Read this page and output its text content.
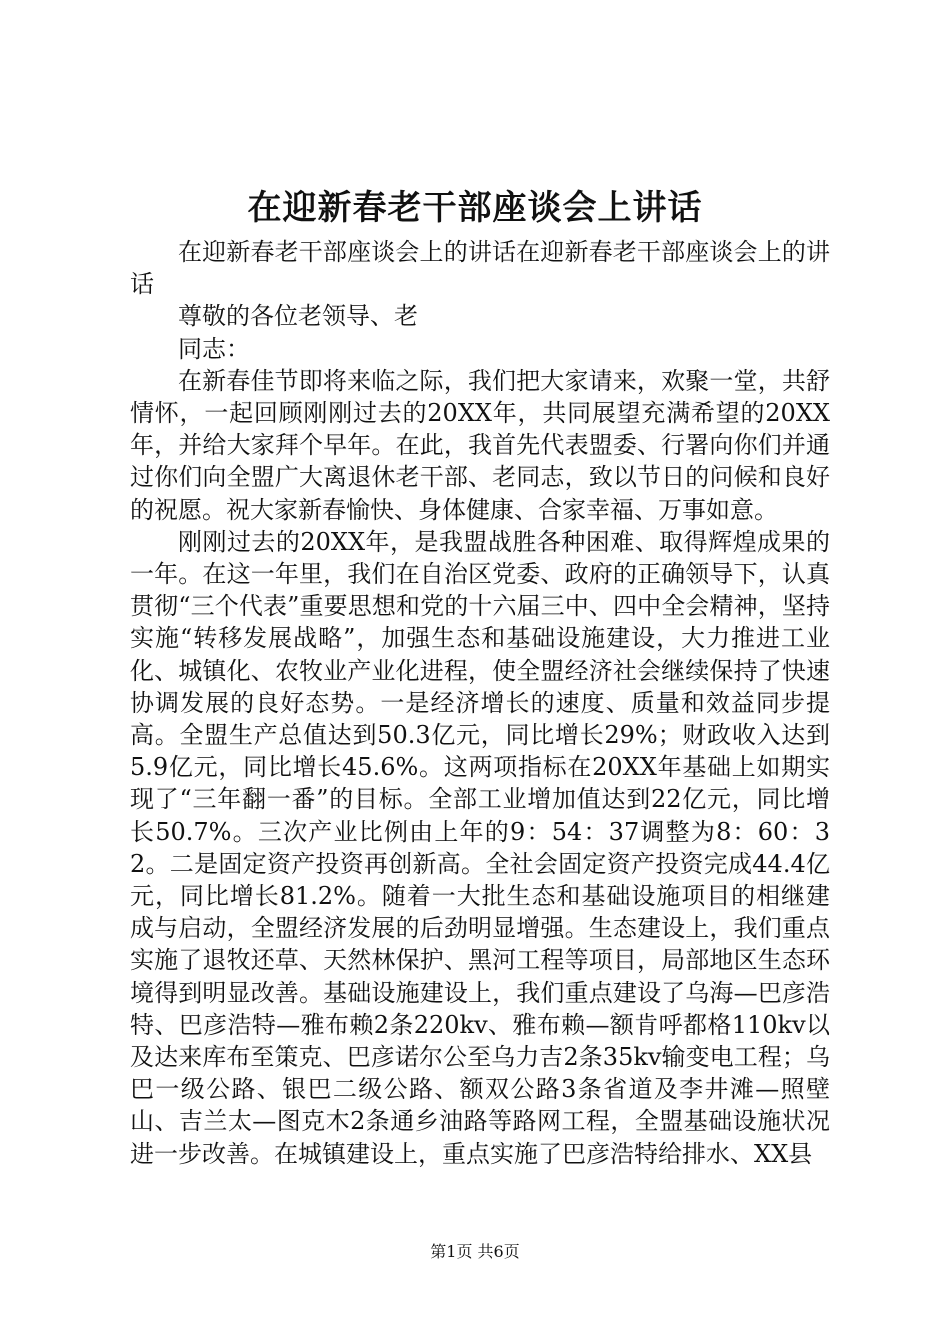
在迎新春老干部座谈会上讲话

在迎新春老干部座谈会上的讲话在迎新春老干部座谈会上的讲话

尊敬的各位老领导、老

同志：

在新春佳节即将来临之际，我们把大家请来，欢聚一堂，共舒情怀，一起回顾刚刚过去的20XX年，共同展望充满希望的20XX年，并给大家拜个早年。在此，我首先代表盟委、行署向你们并通过你们向全盟广大离退休老干部、老同志，致以节日的问候和良好的祝愿。祝大家新春愉快、身体健康、合家幸福、万事如意。

刚刚过去的20XX年，是我盟战胜各种困难、取得辉煌成果的一年。在这一年里，我们在自治区党委、政府的正确领导下，认真贯彻“三个代表”重要思想和党的十六届三中、四中全会精神，坚持实施“转移发展战略”，加强生态和基础设施建设，大力推进工业化、城镇化、农牧业产业化进程，使全盟经济社会继续保持了快速协调发展的良好态势。一是经济增长的速度、质量和效益同步提高。全盟生产总值达到50.3亿元，同比增长29%；财政收入达到5.9亿元，同比增长45.6%。这两项指标在20XX年基础上如期实现了“三年翻一番”的目标。全部工业增加值达到22亿元，同比增长50.7%。三次产业比例由上年的9：54：37调整为8：60：32。二是固定资产投资再创新高。全社会固定资产投资完成44.4亿元，同比增长81.2%。随着一大批生态和基础设施项目的相继建成与启动，全盟经济发展的后劲明显增强。生态建设上，我们重点实施了退牧还草、天然林保护、黑河工程等项目，局部地区生态环境得到明显改善。基础设施建设上，我们重点建设了乌海—巴彦浩特、巴彦浩特—雅布赖2条220kv、雅布赖—额肯呼都格110kv以及达来库布至策克、巴彦诺尔公至乌力吉2条35kv输变电工程；乌巴一级公路、银巴二级公路、额双公路3条省道及李井滩—照壁山、吉兰太—图克木2条通乡油路等路网工程，全盟基础设施状况进一步改善。在城镇建设上，重点实施了巴彦浩特给排水、XX县

第1页 共6页
